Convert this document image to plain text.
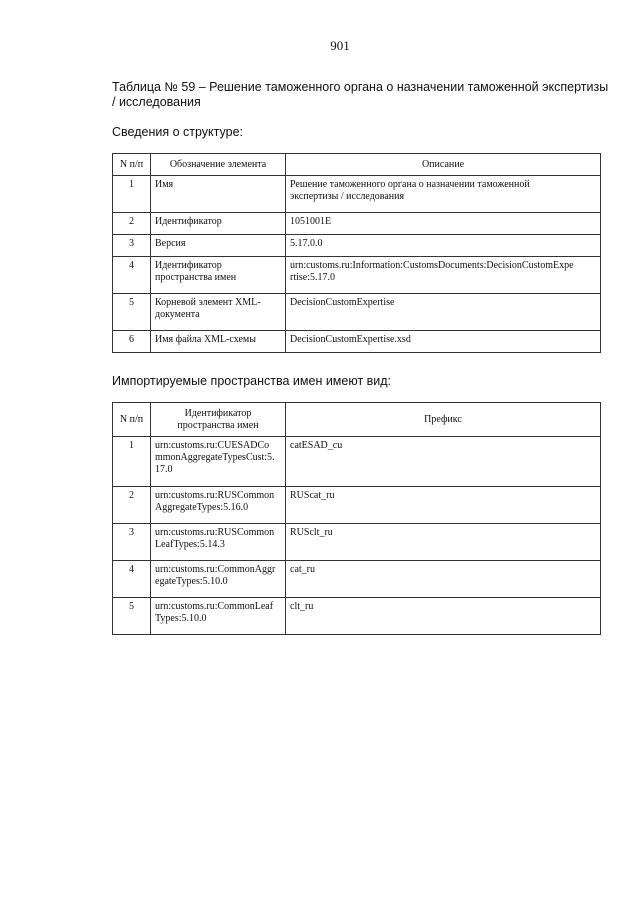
901
Таблица № 59 – Решение таможенного органа о назначении таможенной экспертизы / исследования
Сведения о структуре:
N п/п	Обозначение элемента	Описание
1	Имя	Решение таможенного органа о назначении таможенной
экспертизы / исследования
2	Идентификатор	1051001E
3	Версия	5.17.0.0
4	Идентификатор
пространства имен	urn:customs.ru:Information:CustomsDocuments:DecisionCustomExpe
rtise:5.17.0
5	Корневой элемент XML-
документа	DecisionCustomExpertise
6	Имя файла XML-схемы	DecisionCustomExpertise.xsd
Импортируемые пространства имен имеют вид:
N п/п	Идентификатор пространства имен	Префикс
1	urn:customs.ru:CUESADCo
mmonAggregateTypesCust:5.
17.0	catESAD_cu
2	urn:customs.ru:RUSCommon
AggregateTypes:5.16.0	RUScat_ru
3	urn:customs.ru:RUSCommon
LeafTypes:5.14.3	RUSclt_ru
4	urn:customs.ru:CommonAggr
egateTypes:5.10.0	cat_ru
5	urn:customs.ru:CommonLeaf
Types:5.10.0	clt_ru
